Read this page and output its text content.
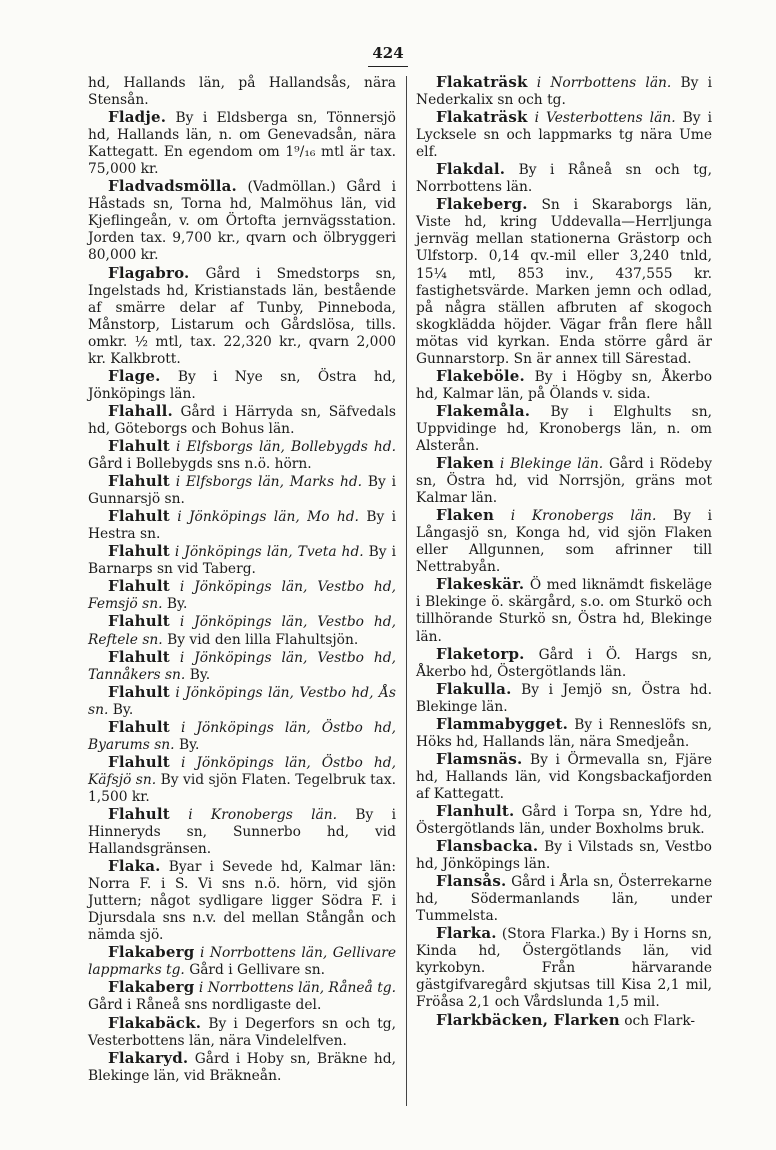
424

hd, Hallands län, på Hallandsås, nära Stensån.

Fladje. By i Eldsberga sn, Tönnersjö hd, Hallands län, n. om Genevadsån, nära Kattegatt. En egendom om 1⁹/₁₆ mtl är tax. 75,000 kr.

Fladvadsmölla. (Vadmöllan.) Gård i Håstads sn, Torna hd, Malmöhus län, vid Kjeflingeån, v. om Örtofta jernvägsstation. Jorden tax. 9,700 kr., qvarn och ölbryggeri 80,000 kr.

Flagabro. Gård i Smedstorps sn, Ingelstads hd, Kristianstads län, bestående af smärre delar af Tunby, Pinneboda, Månstorp, Listarum och Gårdslösa, tills. omkr. ½ mtl, tax. 22,320 kr., qvarn 2,000 kr. Kalkbrott.

Flage. By i Nye sn, Östra hd, Jönköpings län.

Flahall. Gård i Härryda sn, Säfvedals hd, Göteborgs och Bohus län.

Flahult i Elfsborgs län, Bollebygds hd. Gård i Bollebygds sns n.ö. hörn.

Flahult i Elfsborgs län, Marks hd. By i Gunnarsjö sn.

Flahult i Jönköpings län, Mo hd. By i Hestra sn.

Flahult i Jönköpings län, Tveta hd. By i Barnarps sn vid Taberg.

Flahult i Jönköpings län, Vestbo hd, Femsjö sn. By.

Flahult i Jönköpings län, Vestbo hd, Reftele sn. By vid den lilla Flahultsjön.

Flahult i Jönköpings län, Vestbo hd, Tannåkers sn. By.

Flahult i Jönköpings län, Vestbo hd, Ås sn. By.

Flahult i Jönköpings län, Östbo hd, Byarums sn. By.

Flahult i Jönköpings län, Östbo hd, Käfsjö sn. By vid sjön Flaten. Tegelbruk tax. 1,500 kr.

Flahult i Kronobergs län. By i Hinneryds sn, Sunnerbo hd, vid Hallandsgränsen.

Flaka. Byar i Sevede hd, Kalmar län: Norra F. i S. Vi sns n.ö. hörn, vid sjön Juttern; något sydligare ligger Södra F. i Djursdala sns n.v. del mellan Stångån och nämda sjö.

Flakaberg i Norrbottens län, Gellivare lappmarks tg. Gård i Gellivare sn.

Flakaberg i Norrbottens län, Råneå tg. Gård i Råneå sns nordligaste del.

Flakabäck. By i Degerfors sn och tg, Vesterbottens län, nära Vindelelfven.

Flakaryd. Gård i Hoby sn, Bräkne hd, Blekinge län, vid Bräkneån.

Flakaträsk i Norrbottens län. By i Nederkalix sn och tg.

Flakaträsk i Vesterbottens län. By i Lycksele sn och lappmarks tg nära Ume elf.

Flakdal. By i Råneå sn och tg, Norrbottens län.

Flakeberg. Sn i Skaraborgs län, Viste hd, kring Uddevalla—Herrljunga jernväg mellan stationerna Grästorp och Ulfstorp. 0,14 qv.-mil eller 3,240 tnld, 15¼ mtl, 853 inv., 437,555 kr. fastighetsvärde. Marken jemn och odlad, på några ställen afbruten af skogoch skogklädda höjder. Vägar från flere håll mötas vid kyrkan. Enda större gård är Gunnarstorp. Sn är annex till Särestad.

Flakeböle. By i Högby sn, Åkerbo hd, Kalmar län, på Ölands v. sida.

Flakemåla. By i Elghults sn, Uppvidinge hd, Kronobergs län, n. om Alsterån.

Flaken i Blekinge län. Gård i Rödeby sn, Östra hd, vid Norrsjön, gräns mot Kalmar län.

Flaken i Kronobergs län. By i Långasjö sn, Konga hd, vid sjön Flaken eller Allgunnen, som afrinner till Nettrabyån.

Flakeskär. Ö med liknämdt fiskeläge i Blekinge ö. skärgård, s.o. om Sturkö och tillhörande Sturkö sn, Östra hd, Blekinge län.

Flaketorp. Gård i Ö. Hargs sn, Åkerbo hd, Östergötlands län.

Flakulla. By i Jemjö sn, Östra hd. Blekinge län.

Flammabygget. By i Renneslöfs sn, Höks hd, Hallands län, nära Smedjeån.

Flamsnäs. By i Örmevalla sn, Fjäre hd, Hallands län, vid Kongsbackafjorden af Kattegatt.

Flanhult. Gård i Torpa sn, Ydre hd, Östergötlands län, under Boxholms bruk.

Flansbacka. By i Vilstads sn, Vestbo hd, Jönköpings län.

Flansås. Gård i Årla sn, Österrekarne hd, Södermanlands län, under Tummelsta.

Flarka. (Stora Flarka.) By i Horns sn, Kinda hd, Östergötlands län, vid kyrkobyn. Från härvarande gästgifvaregård skjutsas till Kisa 2,1 mil, Fröåsa 2,1 och Vårdslunda 1,5 mil.

Flarkbäcken, Flarken och Flark-
